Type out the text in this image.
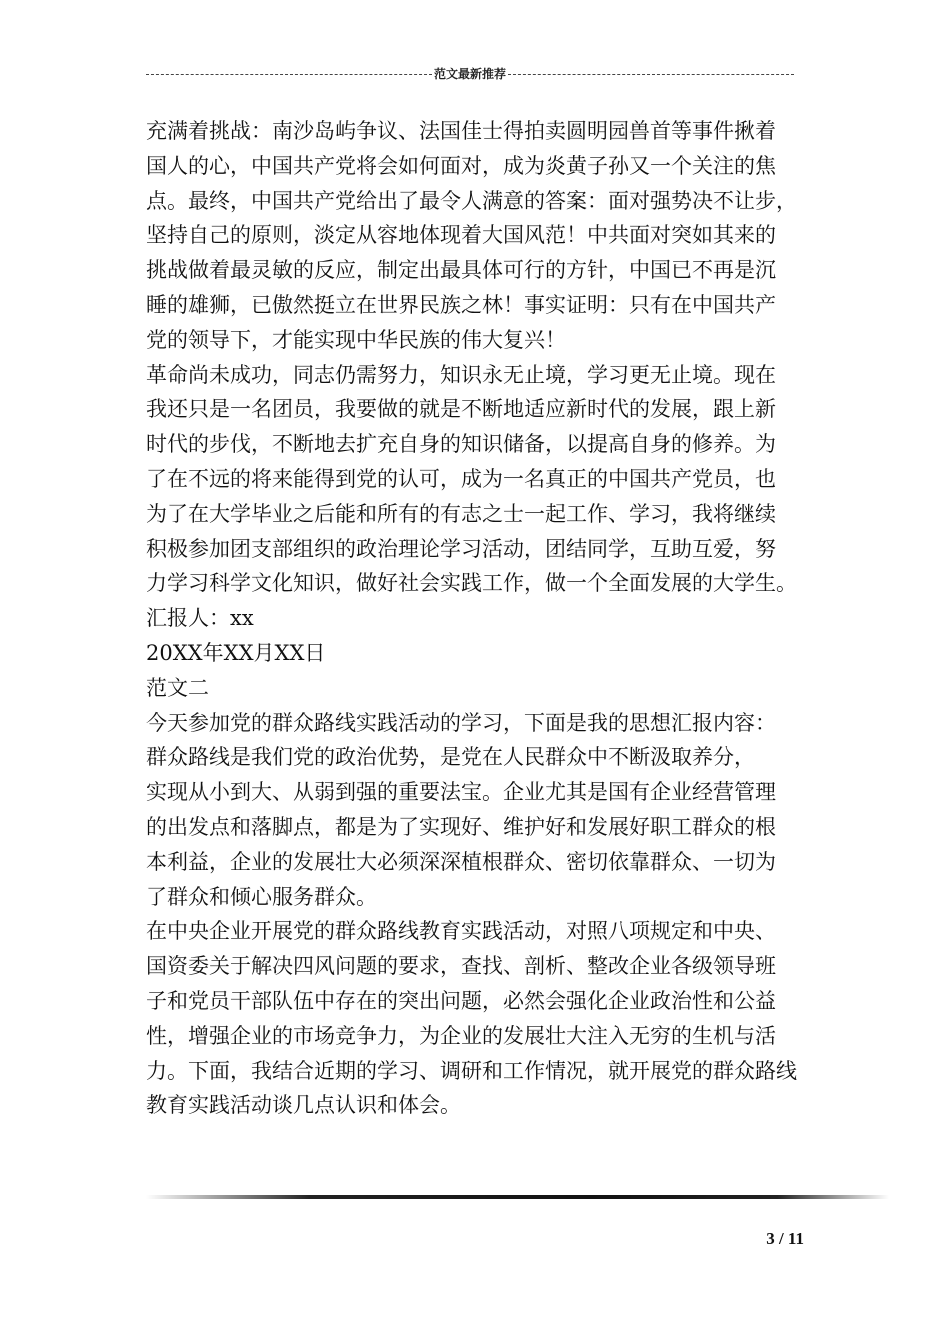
范文最新推荐
充满着挑战：南沙岛屿争议、法国佳士得拍卖圆明园兽首等事件揪着
国人的心，中国共产党将会如何面对，成为炎黄子孙又一个关注的焦
点。最终，中国共产党给出了最令人满意的答案：面对强势决不让步，
坚持自己的原则，淡定从容地体现着大国风范！中共面对突如其来的
挑战做着最灵敏的反应，制定出最具体可行的方针，中国已不再是沉
睡的雄狮，已傲然挺立在世界民族之林！事实证明：只有在中国共产
党的领导下，才能实现中华民族的伟大复兴！
革命尚未成功，同志仍需努力，知识永无止境，学习更无止境。现在
我还只是一名团员，我要做的就是不断地适应新时代的发展，跟上新
时代的步伐，不断地去扩充自身的知识储备，以提高自身的修养。为
了在不远的将来能得到党的认可，成为一名真正的中国共产党员，也
为了在大学毕业之后能和所有的有志之士一起工作、学习，我将继续
积极参加团支部组织的政治理论学习活动，团结同学，互助互爱，努
力学习科学文化知识，做好社会实践工作，做一个全面发展的大学生。
汇报人：xx
20XX年XX月XX日
范文二
今天参加党的群众路线实践活动的学习，下面是我的思想汇报内容：
群众路线是我们党的政治优势，是党在人民群众中不断汲取养分，
实现从小到大、从弱到强的重要法宝。企业尤其是国有企业经营管理
的出发点和落脚点，都是为了实现好、维护好和发展好职工群众的根
本利益，企业的发展壮大必须深深植根群众、密切依靠群众、一切为
了群众和倾心服务群众。
在中央企业开展党的群众路线教育实践活动，对照八项规定和中央、
国资委关于解决四风问题的要求，查找、剖析、整改企业各级领导班
子和党员干部队伍中存在的突出问题，必然会强化企业政治性和公益
性，增强企业的市场竞争力，为企业的发展壮大注入无穷的生机与活
力。下面，我结合近期的学习、调研和工作情况，就开展党的群众路线
教育实践活动谈几点认识和体会。
3 / 11
